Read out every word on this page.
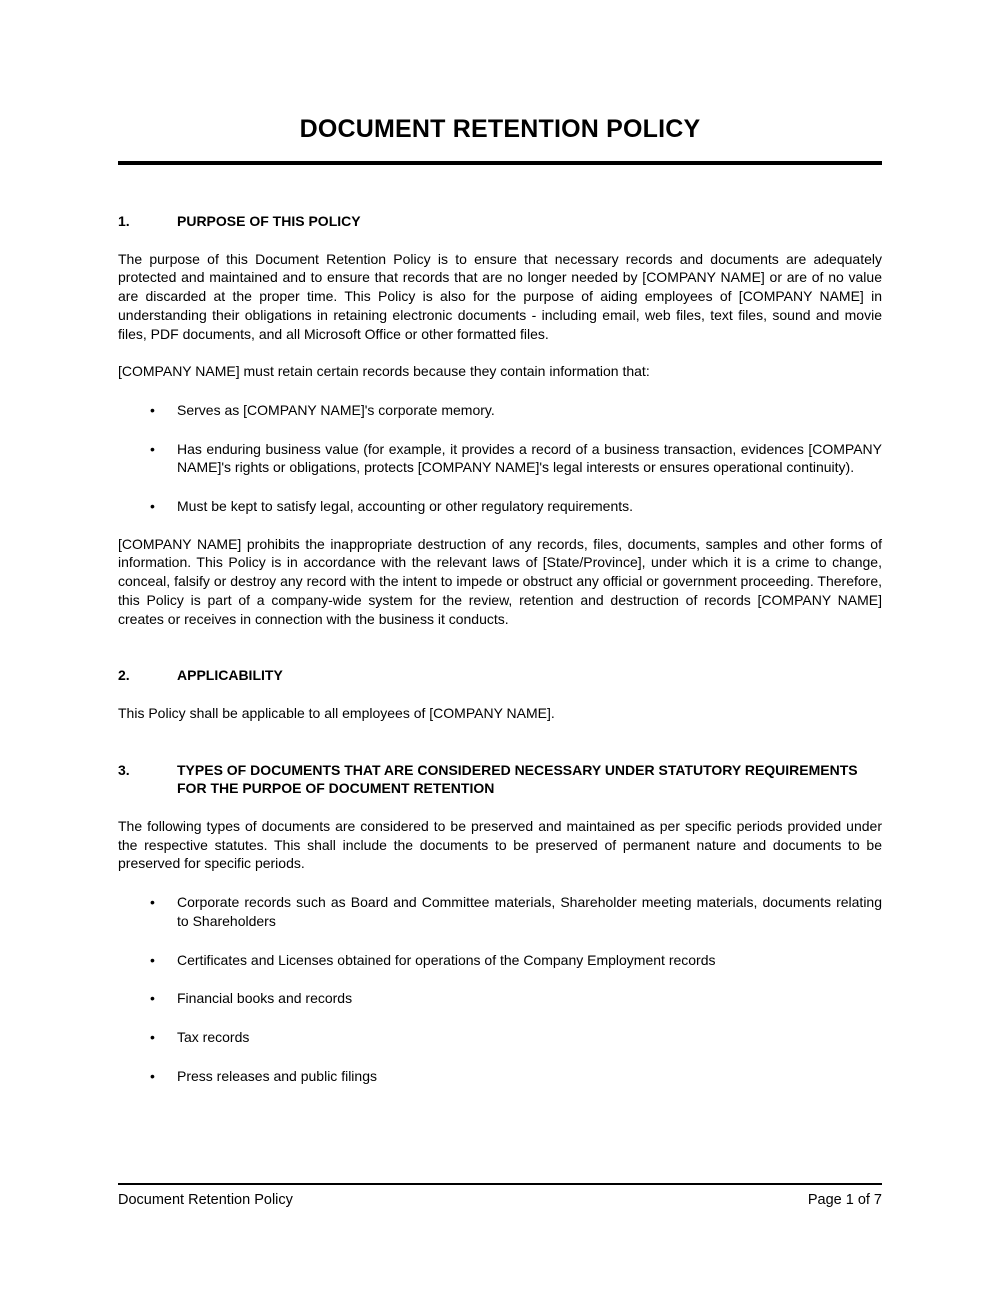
DOCUMENT RETENTION POLICY
1.	PURPOSE OF THIS POLICY

The purpose of this Document Retention Policy is to ensure that necessary records and documents are adequately protected and maintained and to ensure that records that are no longer needed by [COMPANY NAME] or are of no value are discarded at the proper time. This Policy is also for the purpose of aiding employees of [COMPANY NAME] in understanding their obligations in retaining electronic documents - including email, web files, text files, sound and movie files, PDF documents, and all Microsoft Office or other formatted files.

[COMPANY NAME] must retain certain records because they contain information that:

•	Serves as [COMPANY NAME]'s corporate memory.
•	Has enduring business value (for example, it provides a record of a business transaction, evidences [COMPANY NAME]'s rights or obligations, protects [COMPANY NAME]'s legal interests or ensures operational continuity).
•	Must be kept to satisfy legal, accounting or other regulatory requirements.

[COMPANY NAME] prohibits the inappropriate destruction of any records, files, documents, samples and other forms of information. This Policy is in accordance with the relevant laws of [State/Province], under which it is a crime to change, conceal, falsify or destroy any record with the intent to impede or obstruct any official or government proceeding. Therefore, this Policy is part of a company-wide system for the review, retention and destruction of records [COMPANY NAME] creates or receives in connection with the business it conducts.

2.	APPLICABILITY

This Policy shall be applicable to all employees of [COMPANY NAME].

3.	TYPES OF DOCUMENTS THAT ARE CONSIDERED NECESSARY UNDER STATUTORY REQUIREMENTS FOR THE PURPOE OF DOCUMENT RETENTION

The following types of documents are considered to be preserved and maintained as per specific periods provided under the respective statutes. This shall include the documents to be preserved of permanent nature and documents to be preserved for specific periods.

•	Corporate records such as Board and Committee materials, Shareholder meeting materials, documents relating to Shareholders
•	Certificates and Licenses obtained for operations of the Company Employment records
•	Financial books and records
•	Tax records
•	Press releases and public filings
Document Retention Policy	Page 1 of 7
